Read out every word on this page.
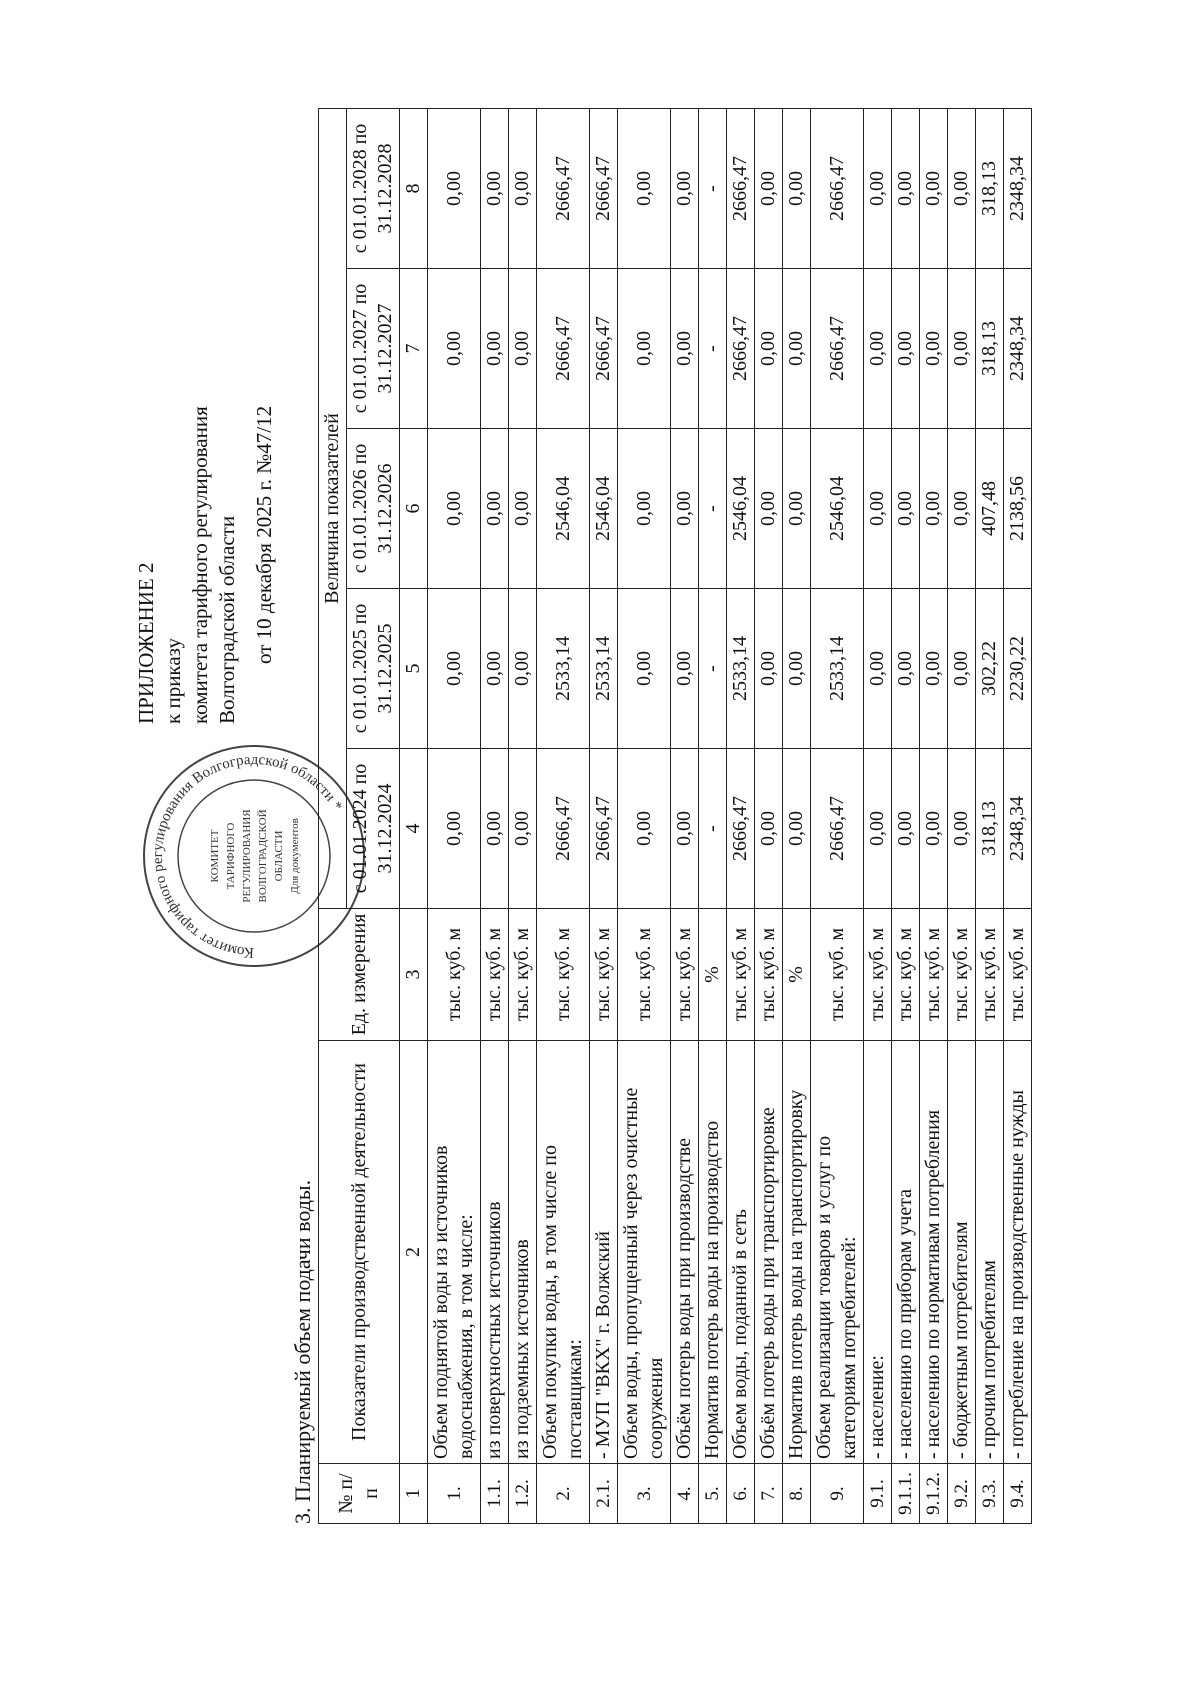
Комитет тарифного регулирования Волгоградской области *
КОМИТЕТ ТАРИФНОГО РЕГУЛИРОВАНИЯ ВОЛГОГРАДСКОЙ ОБЛАСТИ Для документов
ПРИЛОЖЕНИЕ 2 к приказу комитета тарифного регулирования Волгоградской области от 10 декабря 2025 г. №47/12
3. Планируемый объем подачи воды. № п/п	Показатели производственной деятельности	Ед. измерения	Величина показателей				
			с 01.01.2024 по 31.12.2024	с 01.01.2025 по 31.12.2025	с 01.01.2026 по 31.12.2026	с 01.01.2027 по 31.12.2027	с 01.01.2028 по 31.12.2028
1	2	3	4	5	6	7	8
1.	Объем поднятой воды из источников водоснабжения, в том числе:	тыс. куб. м	0,00	0,00	0,00	0,00	0,00
1.1.	из поверхностных источников	тыс. куб. м	0,00	0,00	0,00	0,00	0,00
1.2.	из подземных источников	тыс. куб. м	0,00	0,00	0,00	0,00	0,00
2.	Объем покупки воды, в том числе по поставщикам:	тыс. куб. м	2666,47	2533,14	2546,04	2666,47	2666,47
2.1.	- МУП "ВКХ" г. Волжский	тыс. куб. м	2666,47	2533,14	2546,04	2666,47	2666,47
3.	Объем воды, пропущенный через очистные сооружения	тыс. куб. м	0,00	0,00	0,00	0,00	0,00
4.	Объём потерь воды при производстве	тыс. куб. м	0,00	0,00	0,00	0,00	0,00
5.	Норматив потерь воды на производство	%	-	-	-	-	-
6.	Объем воды, поданной в сеть	тыс. куб. м	2666,47	2533,14	2546,04	2666,47	2666,47
7.	Объём потерь воды при транспортировке	тыс. куб. м	0,00	0,00	0,00	0,00	0,00
8.	Норматив потерь воды на транспортировку	%	0,00	0,00	0,00	0,00	0,00
9.	Объем реализации товаров и услуг по категориям потребителей:	тыс. куб. м	2666,47	2533,14	2546,04	2666,47	2666,47
9.1.	- население:	тыс. куб. м	0,00	0,00	0,00	0,00	0,00
9.1.1.	- населению по приборам учета	тыс. куб. м	0,00	0,00	0,00	0,00	0,00
9.1.2.	- населению по нормативам потребления	тыс. куб. м	0,00	0,00	0,00	0,00	0,00
9.2.	- бюджетным потребителям	тыс. куб. м	0,00	0,00	0,00	0,00	0,00
9.3.	- прочим потребителям	тыс. куб. м	318,13	302,22	407,48	318,13	318,13
9.4.	- потребление на производственные нужды	тыс. куб. м	2348,34	2230,22	2138,56	2348,34	2348,34
